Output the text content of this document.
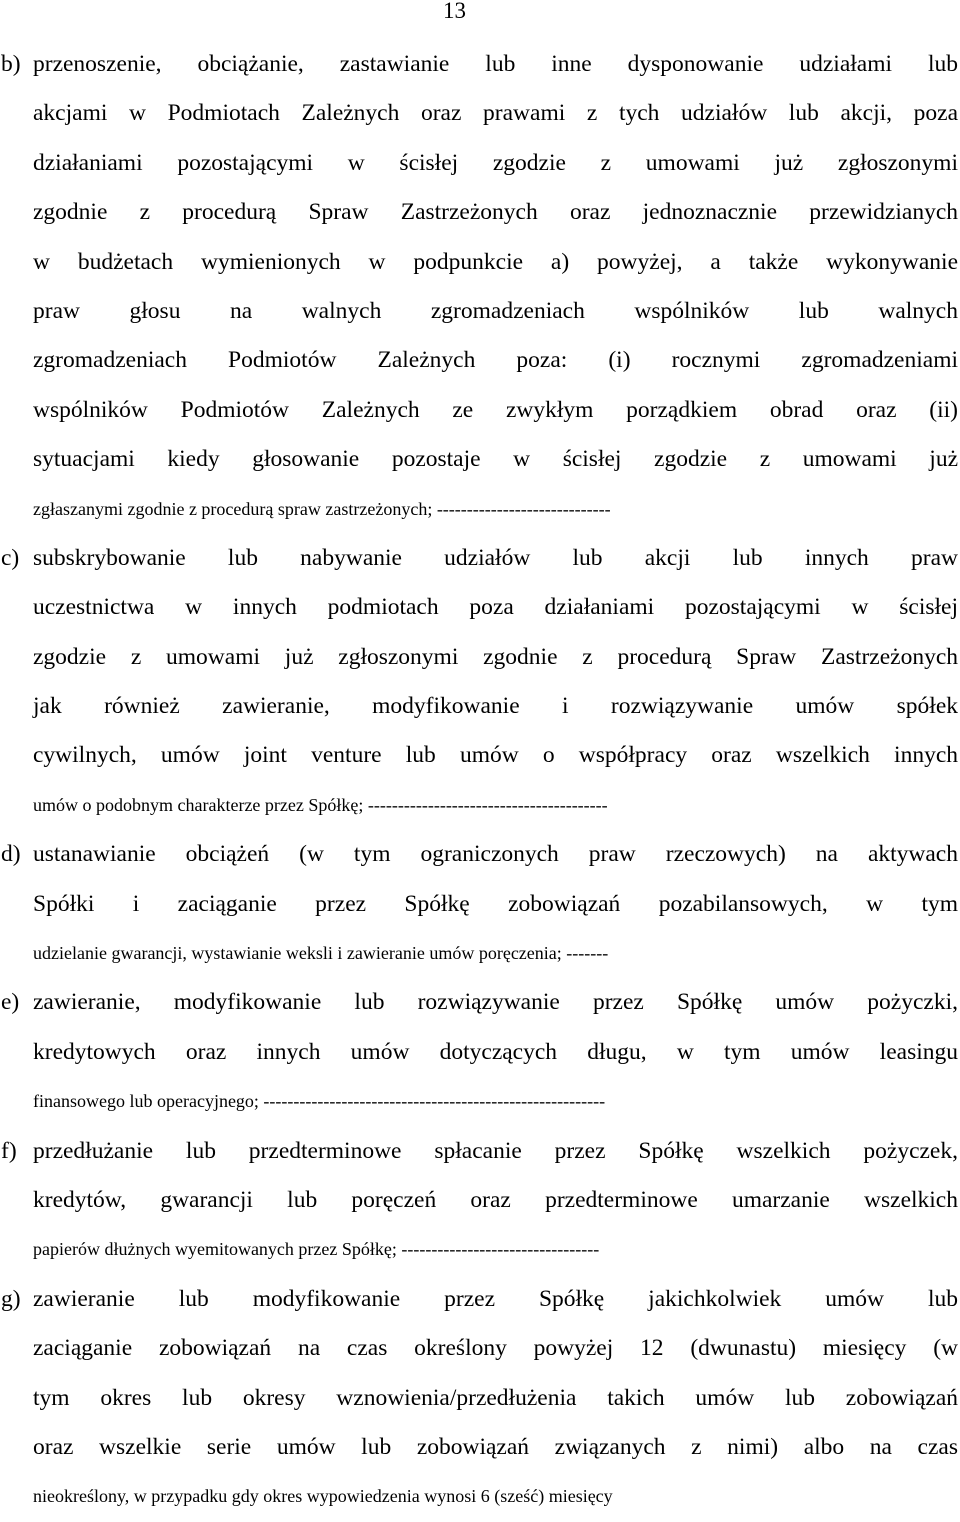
13
b) przenoszenie, obciążanie, zastawianie lub inne dysponowanie udziałami lub
akcjami w Podmiotach Zależnych oraz prawami z tych udziałów lub akcji, poza
działaniami pozostającymi w ścisłej zgodzie z umowami już zgłoszonymi
zgodnie z procedurą Spraw Zastrzeżonych oraz jednoznacznie przewidzianych
w budżetach wymienionych w podpunkcie a) powyżej, a także wykonywanie
praw głosu na walnych zgromadzeniach wspólników lub walnych
zgromadzeniach Podmiotów Zależnych poza: (i) rocznymi zgromadzeniami
wspólników Podmiotów Zależnych ze zwykłym porządkiem obrad oraz (ii)
sytuacjami kiedy głosowanie pozostaje w ścisłej zgodzie z umowami już
zgłaszanymi zgodnie z procedurą spraw zastrzeżonych; -----------------------------
c) subskrybowanie lub nabywanie udziałów lub akcji lub innych praw
uczestnictwa w innych podmiotach poza działaniami pozostającymi w ścisłej
zgodzie z umowami już zgłoszonymi zgodnie z procedurą Spraw Zastrzeżonych
jak również zawieranie, modyfikowanie i rozwiązywanie umów spółek
cywilnych, umów joint venture lub umów o współpracy oraz wszelkich innych
umów o podobnym charakterze przez Spółkę; ----------------------------------------
d) ustanawianie obciążeń (w tym ograniczonych praw rzeczowych) na aktywach
Spółki i zaciąganie przez Spółkę zobowiązań pozabilansowych, w tym
udzielanie gwarancji, wystawianie weksli i zawieranie umów poręczenia; -------
e) zawieranie, modyfikowanie lub rozwiązywanie przez Spółkę umów pożyczki,
kredytowych oraz innych umów dotyczących długu, w tym umów leasingu
finansowego lub operacyjnego; ---------------------------------------------------------
f) przedłużanie lub przedterminowe spłacanie przez Spółkę wszelkich pożyczek,
kredytów, gwarancji lub poręczeń oraz przedterminowe umarzanie wszelkich
papierów dłużnych wyemitowanych przez Spółkę; ---------------------------------
g) zawieranie lub modyfikowanie przez Spółkę jakichkolwiek umów lub
zaciąganie zobowiązań na czas określony powyżej 12 (dwunastu) miesięcy (w
tym okres lub okresy wznowienia/przedłużenia takich umów lub zobowiązań
oraz wszelkie serie umów lub zobowiązań związanych z nimi) albo na czas
nieokreślony, w przypadku gdy okres wypowiedzenia wynosi 6 (sześć) miesięcy
